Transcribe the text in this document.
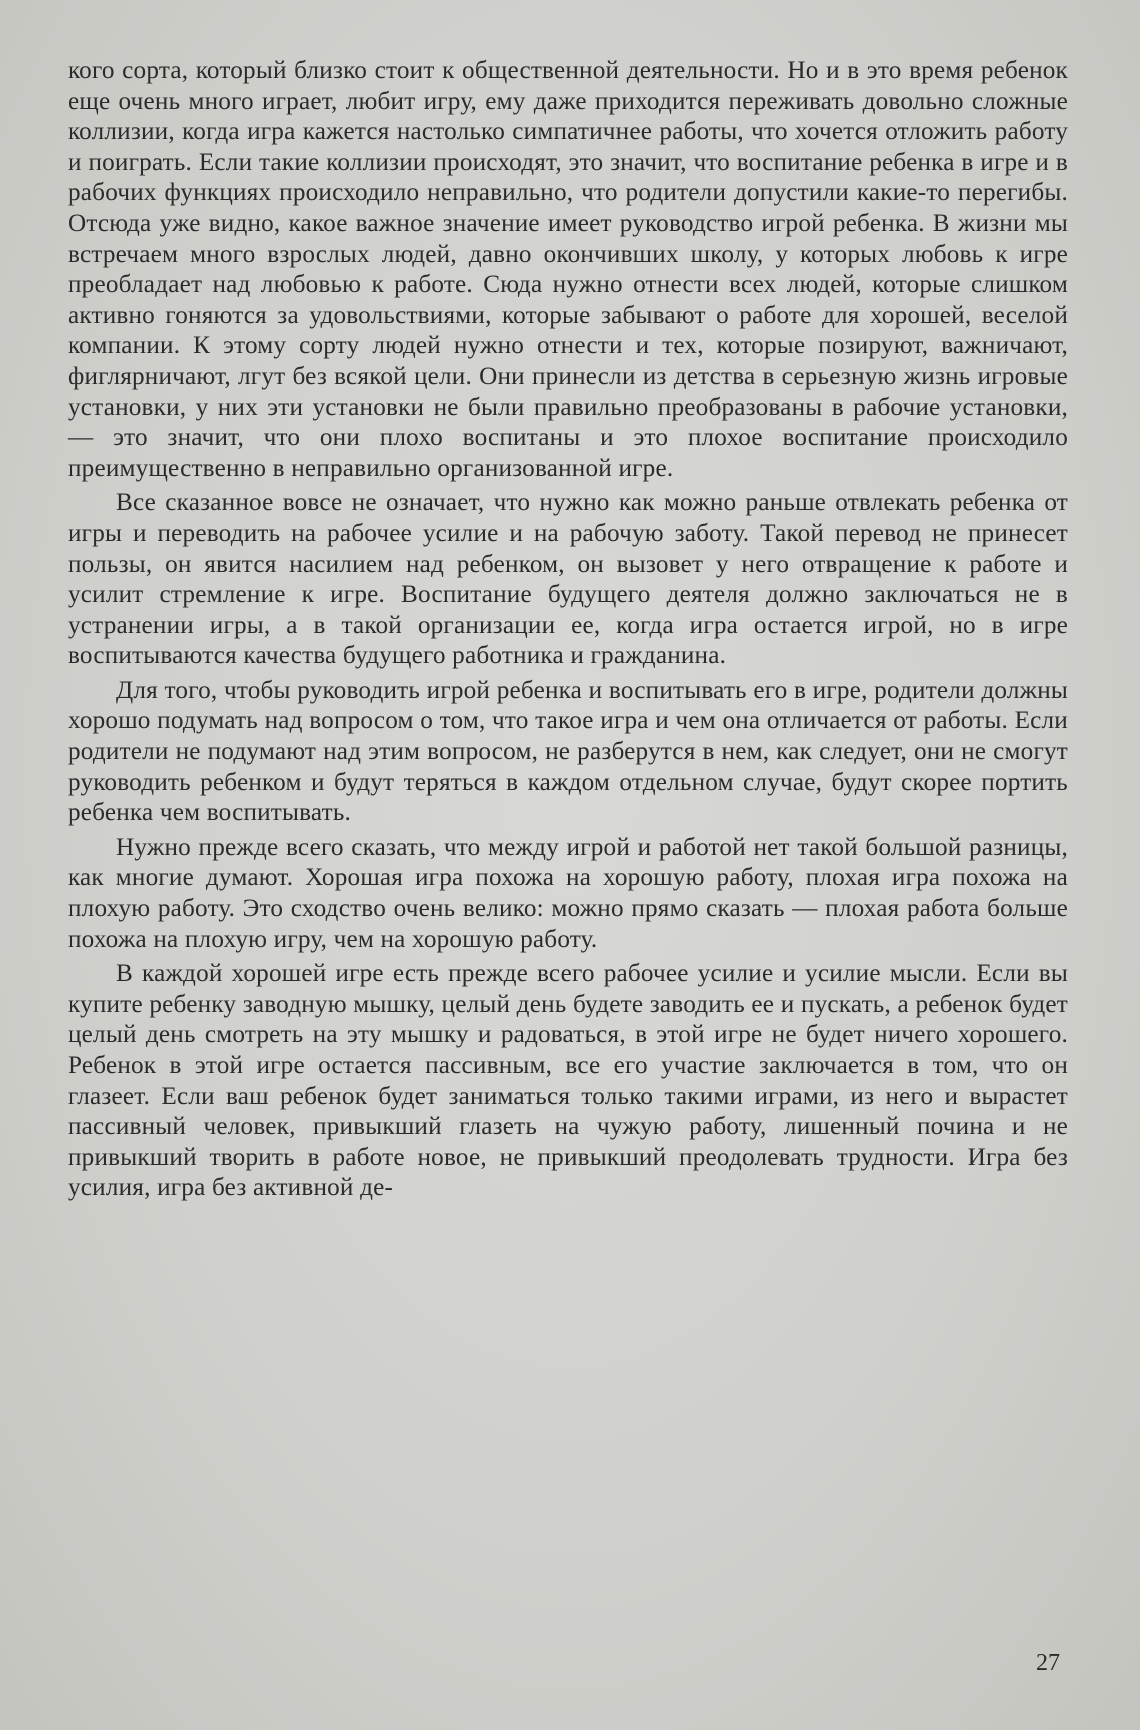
кого сорта, который близко стоит к общественной деятельности. Но и в это время ребенок еще очень много играет, любит игру, ему даже приходится переживать довольно сложные коллизии, когда игра кажется настолько симпатичнее работы, что хочется отложить работу и поиграть. Если такие коллизии происходят, это значит, что воспитание ребенка в игре и в рабочих функциях происходило неправильно, что родители допустили какие-то перегибы. Отсюда уже видно, какое важное значение имеет руководство игрой ребенка. В жизни мы встречаем много взрослых людей, давно окончивших школу, у которых любовь к игре преобладает над любовью к работе. Сюда нужно отнести всех людей, которые слишком активно гоняются за удовольствиями, которые забывают о работе для хорошей, веселой компании. К этому сорту людей нужно отнести и тех, которые позируют, важничают, фиглярничают, лгут без всякой цели. Они принесли из детства в серьезную жизнь игровые установки, у них эти установки не были правильно преобразованы в рабочие установки, — это значит, что они плохо воспитаны и это плохое воспитание происходило преимущественно в неправильно организованной игре.

Все сказанное вовсе не означает, что нужно как можно раньше отвлекать ребенка от игры и переводить на рабочее усилие и на рабочую заботу. Такой перевод не принесет пользы, он явится насилием над ребенком, он вызовет у него отвращение к работе и усилит стремление к игре. Воспитание будущего деятеля должно заключаться не в устранении игры, а в такой организации ее, когда игра остается игрой, но в игре воспитываются качества будущего работника и гражданина.

Для того, чтобы руководить игрой ребенка и воспитывать его в игре, родители должны хорошо подумать над вопросом о том, что такое игра и чем она отличается от работы. Если родители не подумают над этим вопросом, не разберутся в нем, как следует, они не смогут руководить ребенком и будут теряться в каждом отдельном случае, будут скорее портить ребенка чем воспитывать.

Нужно прежде всего сказать, что между игрой и работой нет такой большой разницы, как многие думают. Хорошая игра похожа на хорошую работу, плохая игра похожа на плохую работу. Это сходство очень велико: можно прямо сказать — плохая работа больше похожа на плохую игру, чем на хорошую работу.

В каждой хорошей игре есть прежде всего рабочее усилие и усилие мысли. Если вы купите ребенку заводную мышку, целый день будете заводить ее и пускать, а ребенок будет целый день смотреть на эту мышку и радоваться, в этой игре не будет ничего хорошего. Ребенок в этой игре остается пассивным, все его участие заключается в том, что он глазеет. Если ваш ребенок будет заниматься только такими играми, из него и вырастет пассивный человек, привыкший глазеть на чужую работу, лишенный почина и не привыкший творить в работе новое, не привыкший преодолевать трудности. Игра без усилия, игра без активной де-

27
